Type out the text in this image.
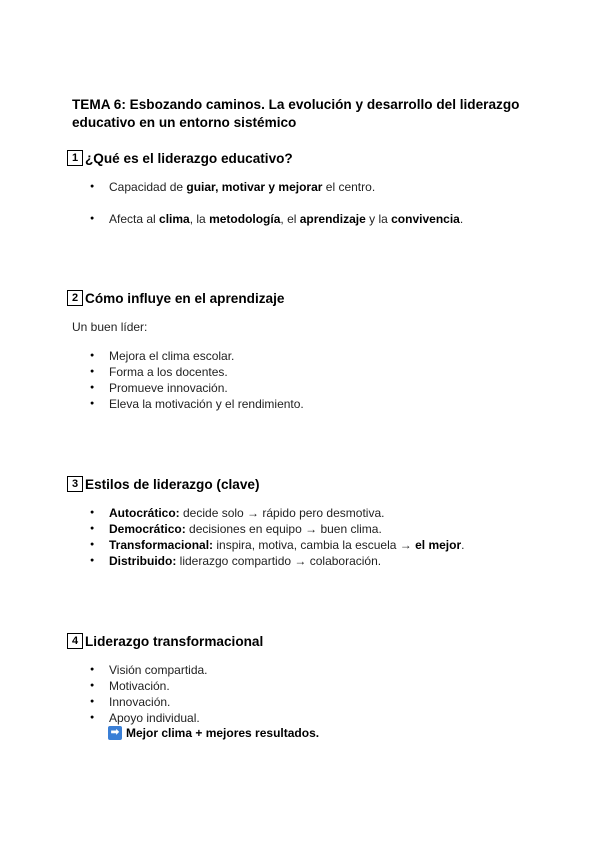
TEMA 6: Esbozando caminos. La evolución y desarrollo del liderazgo educativo en un entorno sistémico
1 ¿Qué es el liderazgo educativo?
● Capacidad de guiar, motivar y mejorar el centro.
● Afecta al clima, la metodología, el aprendizaje y la convivencia.
2 Cómo influye en el aprendizaje
Un buen líder:
● Mejora el clima escolar.
● Forma a los docentes.
● Promueve innovación.
● Eleva la motivación y el rendimiento.
3 Estilos de liderazgo (clave)
● Autocrático: decide solo → rápido pero desmotiva.
● Democrático: decisiones en equipo → buen clima.
● Transformacional: inspira, motiva, cambia la escuela → el mejor.
● Distribuido: liderazgo compartido → colaboración.
4 Liderazgo transformacional
● Visión compartida.
● Motivación.
● Innovación.
● Apoyo individual.
➡ Mejor clima + mejores resultados.
